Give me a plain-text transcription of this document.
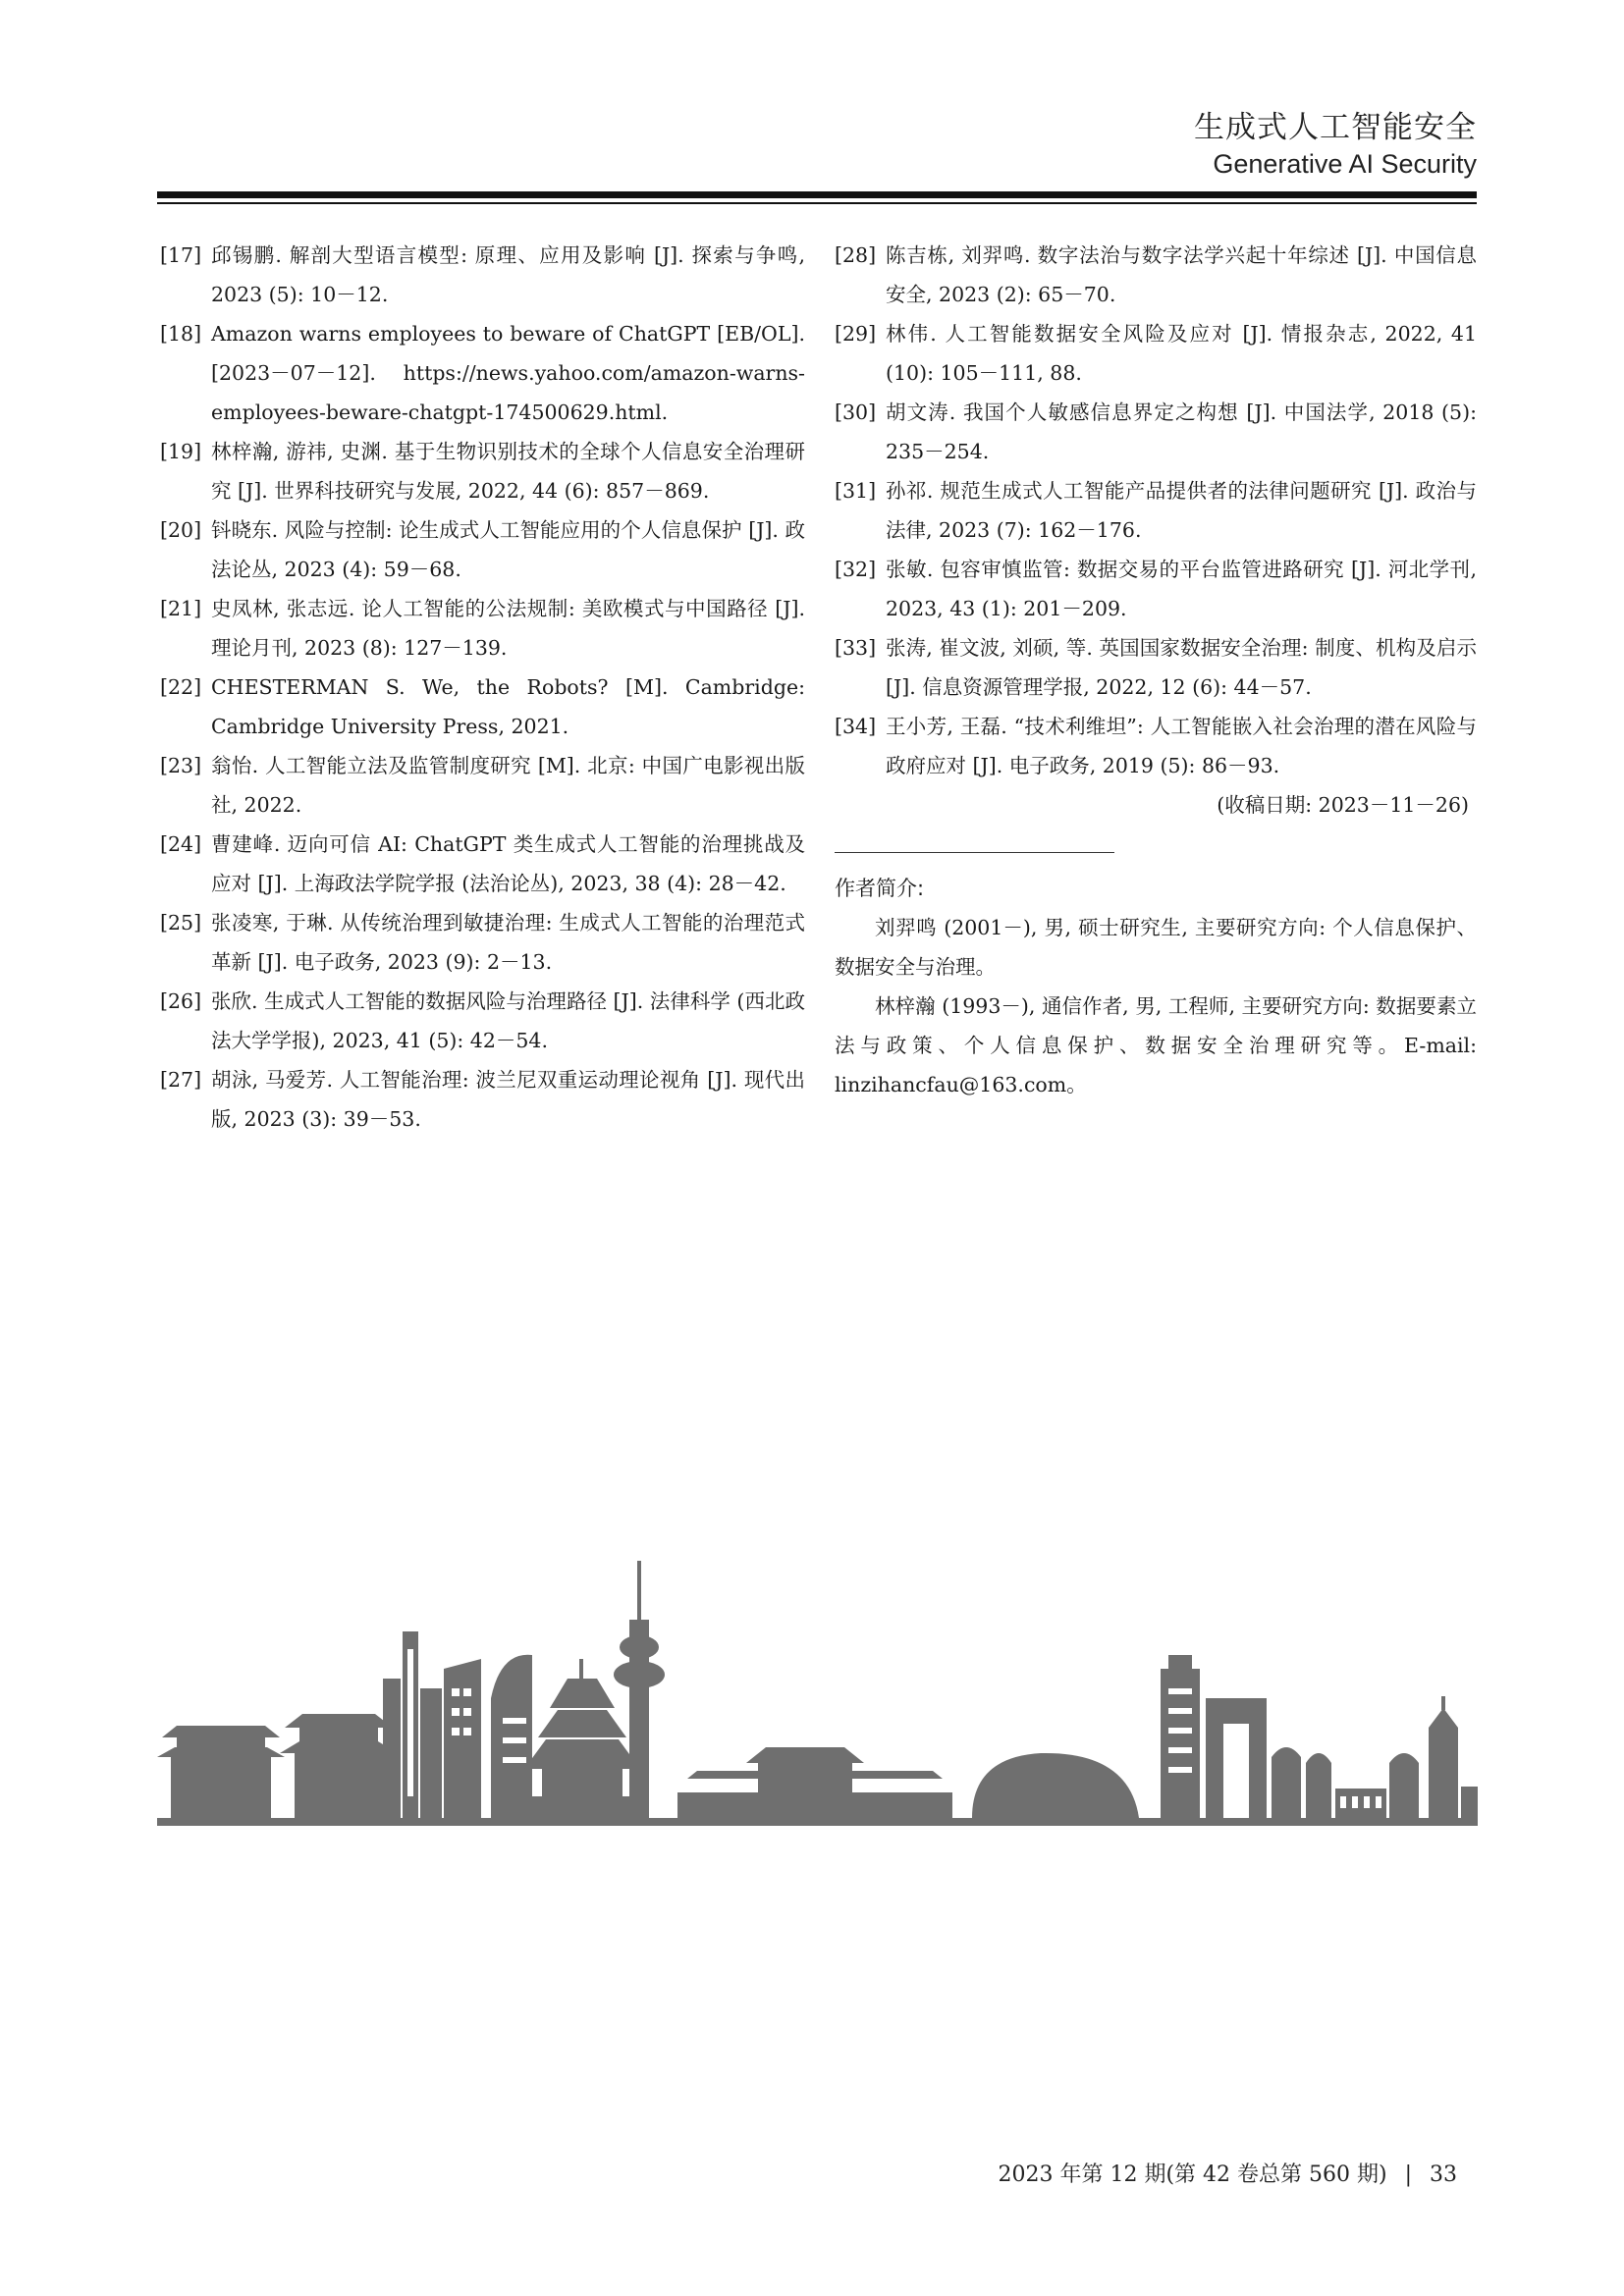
生成式人工智能安全
Generative AI Security
[17] 邱锡鹏. 解剖大型语言模型: 原理、应用及影响 [J]. 探索与争鸣, 2023 (5): 10－12.
[18] Amazon warns employees to beware of ChatGPT [EB/OL]. [2023－07－12]. https://news.yahoo.com/amazon-warns-employees-beware-chatgpt-174500629.html.
[19] 林梓瀚, 游祎, 史渊. 基于生物识别技术的全球个人信息安全治理研究 [J]. 世界科技研究与发展, 2022, 44 (6): 857－869.
[20] 钭晓东. 风险与控制: 论生成式人工智能应用的个人信息保护 [J]. 政法论丛, 2023 (4): 59－68.
[21] 史凤林, 张志远. 论人工智能的公法规制: 美欧模式与中国路径 [J]. 理论月刊, 2023 (8): 127－139.
[22] CHESTERMAN S. We, the Robots? [M]. Cambridge: Cambridge University Press, 2021.
[23] 翁怡. 人工智能立法及监管制度研究 [M]. 北京: 中国广电影视出版社, 2022.
[24] 曹建峰. 迈向可信 AI: ChatGPT 类生成式人工智能的治理挑战及应对 [J]. 上海政法学院学报 (法治论丛), 2023, 38 (4): 28－42.
[25] 张凌寒, 于琳. 从传统治理到敏捷治理: 生成式人工智能的治理范式革新 [J]. 电子政务, 2023 (9): 2－13.
[26] 张欣. 生成式人工智能的数据风险与治理路径 [J]. 法律科学 (西北政法大学学报), 2023, 41 (5): 42－54.
[27] 胡泳, 马爱芳. 人工智能治理: 波兰尼双重运动理论视角 [J]. 现代出版, 2023 (3): 39－53.
[28] 陈吉栋, 刘羿鸣. 数字法治与数字法学兴起十年综述 [J]. 中国信息安全, 2023 (2): 65－70.
[29] 林伟. 人工智能数据安全风险及应对 [J]. 情报杂志, 2022, 41 (10): 105－111, 88.
[30] 胡文涛. 我国个人敏感信息界定之构想 [J]. 中国法学, 2018 (5): 235－254.
[31] 孙祁. 规范生成式人工智能产品提供者的法律问题研究 [J]. 政治与法律, 2023 (7): 162－176.
[32] 张敏. 包容审慎监管: 数据交易的平台监管进路研究 [J]. 河北学刊, 2023, 43 (1): 201－209.
[33] 张涛, 崔文波, 刘硕, 等. 英国国家数据安全治理: 制度、机构及启示 [J]. 信息资源管理学报, 2022, 12 (6): 44－57.
[34] 王小芳, 王磊. “技术利维坦”: 人工智能嵌入社会治理的潜在风险与政府应对 [J]. 电子政务, 2019 (5): 86－93.
(收稿日期: 2023－11－26)
作者简介:
刘羿鸣 (2001－), 男, 硕士研究生, 主要研究方向: 个人信息保护、数据安全与治理。
林梓瀚 (1993－), 通信作者, 男, 工程师, 主要研究方向: 数据要素立法与政策、个人信息保护、数据安全治理研究等。E-mail: linzihancfau@163.com。
2023 年第 12 期(第 42 卷总第 560 期) | 33
